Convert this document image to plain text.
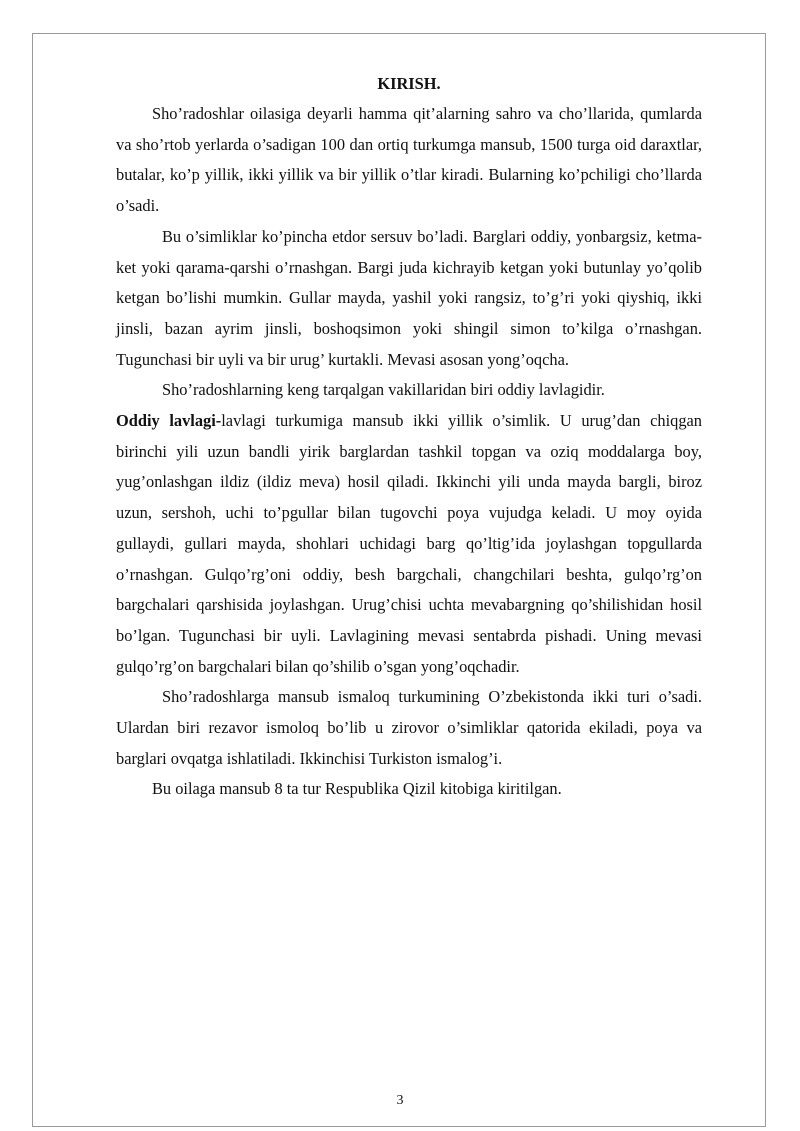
KIRISH.

Sho’radoshlar oilasiga deyarli hamma qit’alarning sahro va cho’llarida, qumlarda va sho’rtob yerlarda o’sadigan 100 dan ortiq turkumga mansub, 1500 turga oid daraxtlar, butalar, ko’p yillik, ikki yillik va bir yillik o’tlar kiradi. Bularning ko’pchiligi cho’llarda o’sadi.

Bu o’simliklar ko’pincha etdor sersuv bo’ladi. Barglari oddiy, yonbargsiz, ketma-ket yoki qarama-qarshi o’rnashgan. Bargi juda kichrayib ketgan yoki butunlay yo’qolib ketgan bo’lishi mumkin. Gullar mayda, yashil yoki rangsiz, to’g’ri yoki qiyshiq, ikki jinsli, bazan ayrim jinsli, boshoqsimon yoki shingil simon to’kilga o’rnashgan. Tugunchasi bir uyli va bir urug’ kurtakli. Mevasi asosan yong’oqcha.

Sho’radoshlarning keng tarqalgan vakillaridan biri oddiy lavlagidir.

Oddiy lavlagi-lavlagi turkumiga mansub ikki yillik o’simlik. U urug’dan chiqgan birinchi yili uzun bandli yirik barglardan tashkil topgan va oziq moddalarga boy, yug’onlashgan ildiz (ildiz meva) hosil qiladi. Ikkinchi yili unda mayda bargli, biroz uzun, sershoh, uchi to’pgullar bilan tugovchi poya vujudga keladi. U moy oyida gullaydi, gullari mayda, shohlari uchidagi barg qo’ltig’ida joylashgan topgullarda o’rnashgan. Gulqo’rg’oni oddiy, besh bargchali, changchilari beshta, gulqo’rg’on bargchalari qarshisida joylashgan. Urug’chisi uchta mevabargning qo’shilishidan hosil bo’lgan. Tugunchasi bir uyli. Lavlagining mevasi sentabrda pishadi. Uning mevasi gulqo’rg’on bargchalari bilan qo’shilib o’sgan yong’oqchadir.

Sho’radoshlarga mansub ismaloq turkumining O’zbekistonda ikki turi o’sadi. Ulardan biri rezavor ismoloq bo’lib u zirovor o’simliklar qatorida ekiladi, poya va barglari ovqatga ishlatiladi. Ikkinchisi Turkiston ismalog’i.

Bu oilaga mansub 8 ta tur Respublika Qizil kitobiga kiritilgan.

3
